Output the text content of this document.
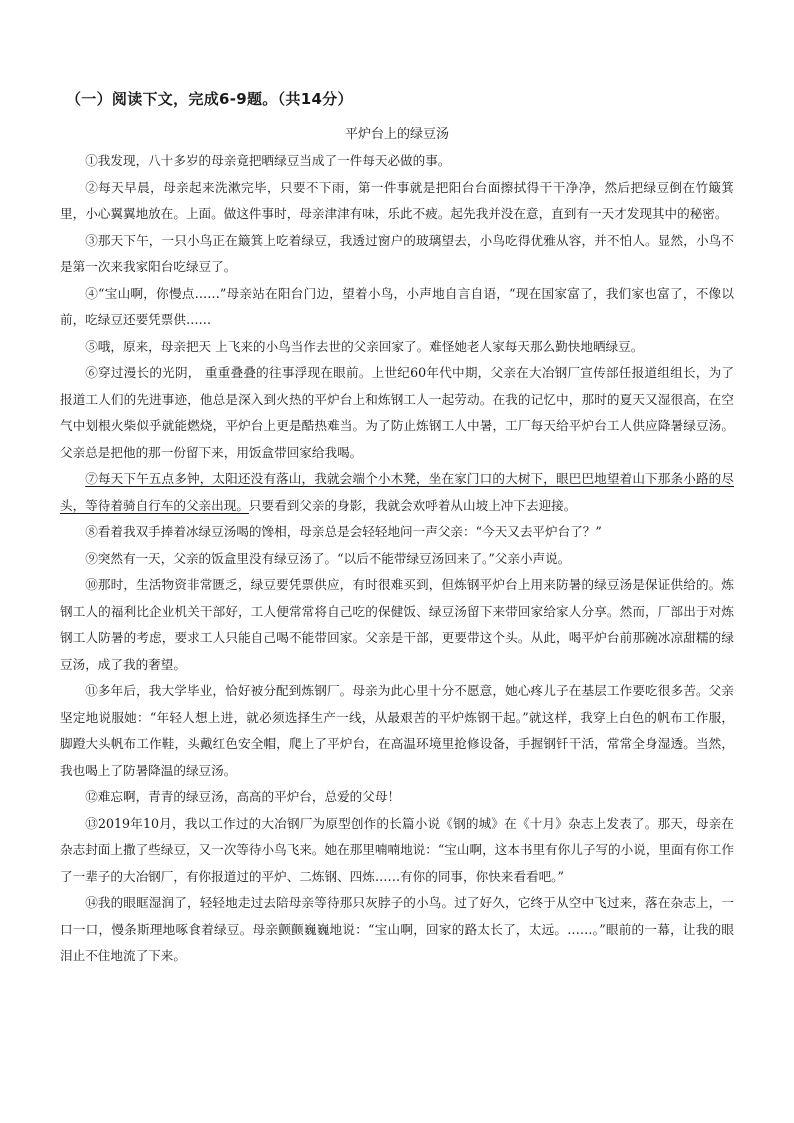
（一）阅读下文，完成6-9题。（共14分）
平炉台上的绿豆汤

①我发现，八十多岁的母亲竟把晒绿豆当成了一件每天必做的事。

②每天早晨，母亲起来洗漱完毕，只要不下雨，第一件事就是把阳台台面擦拭得干干净净，然后把绿豆倒在竹簸箕里，小心翼翼地放在。上面。做这件事时，母亲津津有味，乐此不疲。起先我并没在意，直到有一天才发现其中的秘密。

③那天下午，一只小鸟正在簸箕上吃着绿豆，我透过窗户的玻璃望去，小鸟吃得优雅从容，并不怕人。显然，小鸟不是第一次来我家阳台吃绿豆了。

④“宝山啊，你慢点……”母亲站在阳台门边，望着小鸟，小声地自言自语，“现在国家富了，我们家也富了，不像以前，吃绿豆还要凭票供……

⑤哦，原来，母亲把天 上飞来的小鸟当作去世的父亲回家了。难怪她老人家每天那么勤快地晒绿豆。

⑥穿过漫长的光阴， 重重叠叠的往事浮现在眼前。上世纪60年代中期，父亲在大冶钢厂宣传部任报道组组长，为了报道工人们的先进事迹，他总是深入到火热的平炉台上和炼钢工人一起劳动。在我的记忆中，那时的夏天又湿很高，在空气中划根火柴似乎就能燃烧，平炉台上更是酷热难当。为了防止炼钢工人中暑，工厂每天给平炉台工人供应降暑绿豆汤。父亲总是把他的那一份留下来，用饭盒带回家给我喝。

⑦每天下午五点多钟，太阳还没有落山，我就会端个小木凳，坐在家门口的大树下，眼巴巴地望着山下那条小路的尽头，等待着骑自行车的父亲出现。只要看到父亲的身影，我就会欢呼着从山坡上冲下去迎接。

⑧看着我双手捧着冰绿豆汤喝的馋相，母亲总是会轻轻地问一声父亲：“今天又去平炉台了？”

⑨突然有一天，父亲的饭盒里没有绿豆汤了。“以后不能带绿豆汤回来了。”父亲小声说。

⑩那时，生活物资非常匮乏，绿豆要凭票供应，有时很难买到，但炼钢平炉台上用来防暑的绿豆汤是保证供给的。炼钢工人的福利比企业机关干部好，工人便常常将自己吃的保健饭、绿豆汤留下来带回家给家人分享。然而，厂部出于对炼钢工人防暑的考虑，要求工人只能自己喝不能带回家。父亲是干部，更要带这个头。从此，喝平炉台前那碗冰凉甜糯的绿豆汤，成了我的奢望。

⑪多年后，我大学毕业，恰好被分配到炼钢厂。母亲为此心里十分不愿意，她心疼儿子在基层工作要吃很多苦。父亲坚定地说服她：“年轻人想上进，就必须选择生产一线，从最艰苦的平炉炼钢干起。”就这样，我穿上白色的帆布工作服，脚蹬大头帆布工作鞋，头戴红色安全帽，爬上了平炉台，在高温环境里抢修设备，手握钢钎干活，常常全身湿透。当然，我也喝上了防暑降温的绿豆汤。

⑫难忘啊，青青的绿豆汤，高高的平炉台，总爱的父母！

⑬2019年10月，我以工作过的大冶钢厂为原型创作的长篇小说《钢的城》在《十月》杂志上发表了。那天，母亲在杂志封面上撒了些绿豆，又一次等待小鸟飞来。她在那里喃喃地说：“宝山啊，这本书里有你儿子写的小说，里面有你工作了一辈子的大冶钢厂，有你报道过的平炉、二炼钢、四炼……有你的同事，你快来看看吧。”

⑭我的眼眶湿润了，轻轻地走过去陪母亲等待那只灰脖子的小鸟。过了好久，它终于从空中飞过来，落在杂志上，一口一口，慢条斯理地啄食着绿豆。母亲颤颤巍巍地说：“宝山啊，回家的路太长了，太远。……。”眼前的一幕，让我的眼泪止不住地流了下来。
